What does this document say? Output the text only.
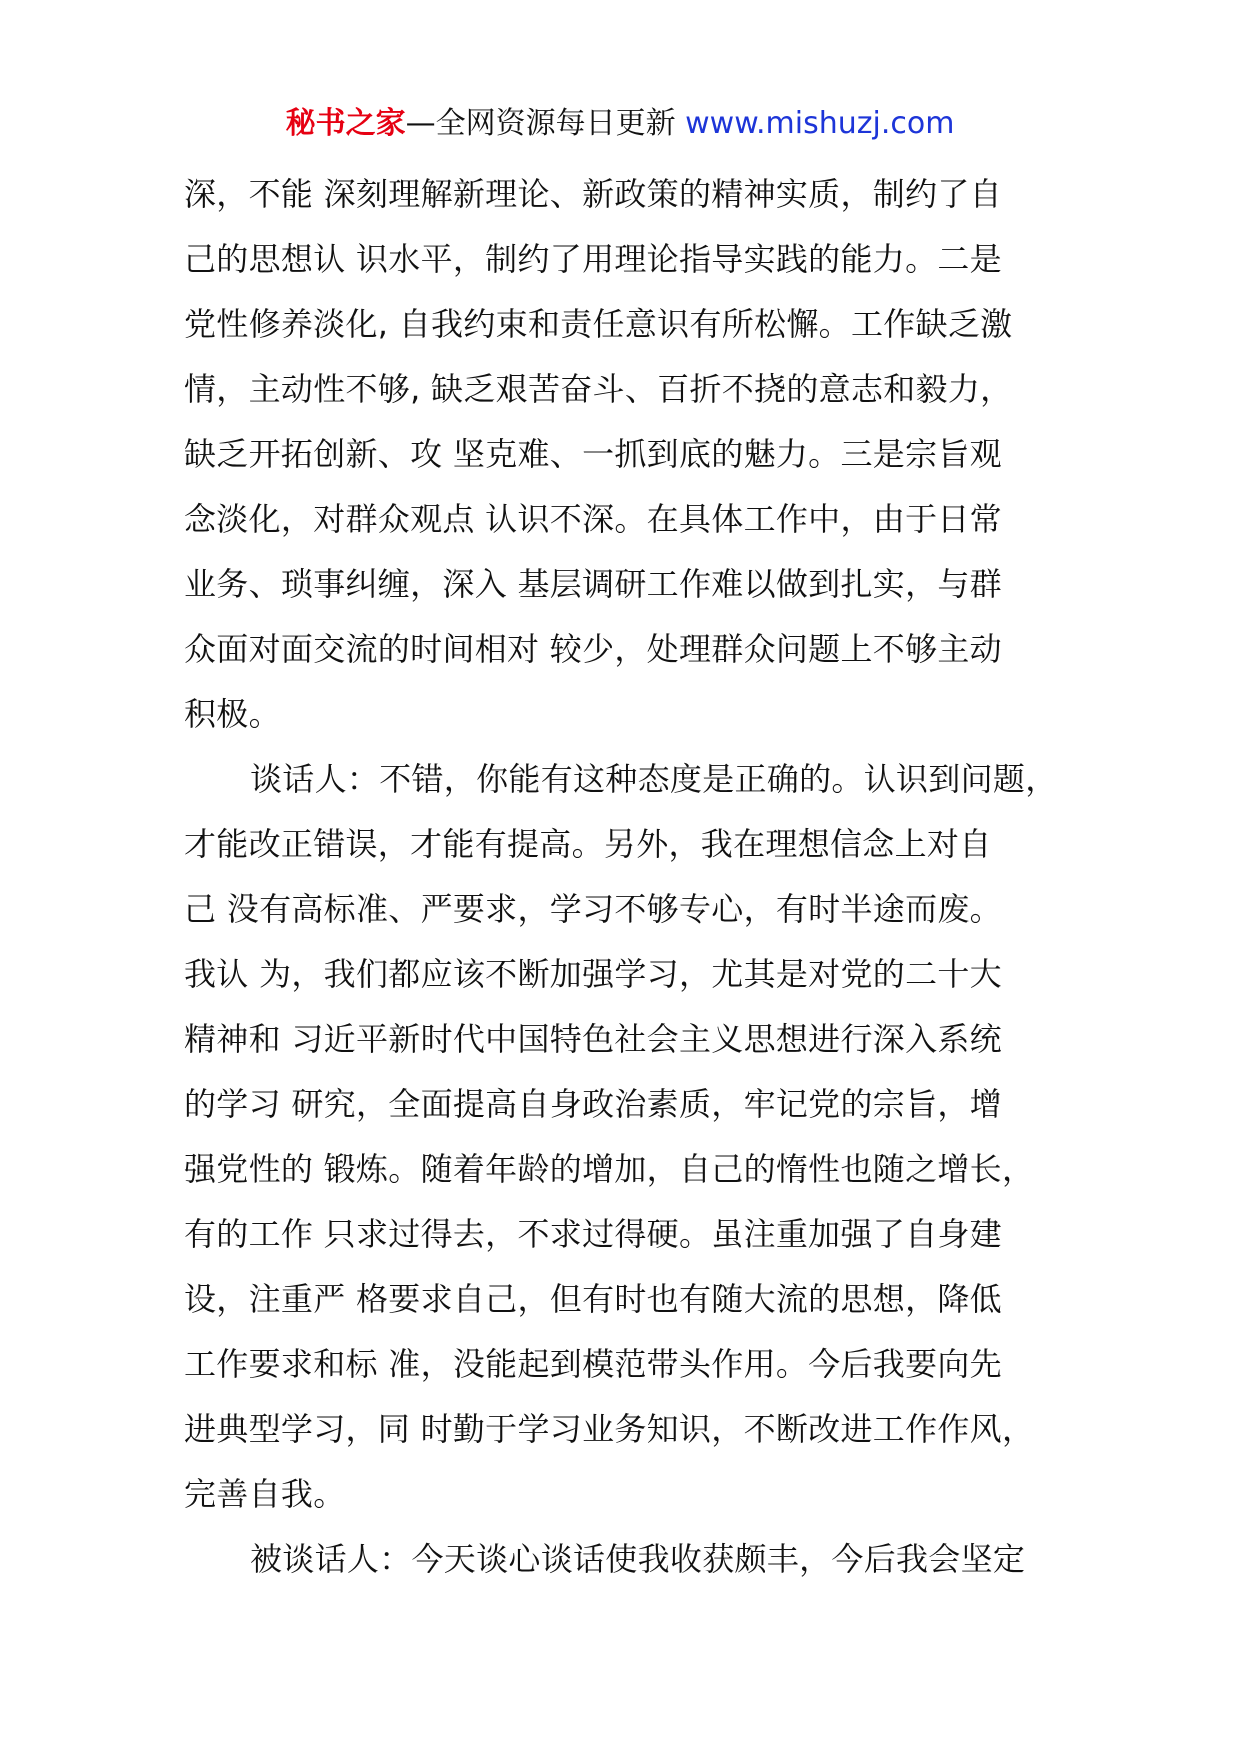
秘书之家—全网资源每日更新 www.mishuzj.com
深，不能 深刻理解新理论、新政策的精神实质，制约了自
己的思想认 识水平，制约了用理论指导实践的能力。二是
党性修养淡化, 自我约束和责任意识有所松懈。工作缺乏激
情，主动性不够, 缺乏艰苦奋斗、百折不挠的意志和毅力，
缺乏开拓创新、攻 坚克难、一抓到底的魅力。三是宗旨观
念淡化，对群众观点 认识不深。在具体工作中，由于日常
业务、琐事纠缠，深入 基层调研工作难以做到扎实，与群
众面对面交流的时间相对 较少，处理群众问题上不够主动
积极。
谈话人：不错，你能有这种态度是正确的。认识到问题，
才能改正错误，才能有提高。另外，我在理想信念上对自
己 没有高标准、严要求，学习不够专心，有时半途而废。
我认 为，我们都应该不断加强学习，尤其是对党的二十大
精神和 习近平新时代中国特色社会主义思想进行深入系统
的学习 研究，全面提高自身政治素质，牢记党的宗旨，增
强党性的 锻炼。随着年龄的增加，自己的惰性也随之增长，
有的工作 只求过得去，不求过得硬。虽注重加强了自身建
设，注重严 格要求自己，但有时也有随大流的思想，降低
工作要求和标 准，没能起到模范带头作用。今后我要向先
进典型学习，同 时勤于学习业务知识，不断改进工作作风，
完善自我。
被谈话人：今天谈心谈话使我收获颇丰，今后我会坚定
